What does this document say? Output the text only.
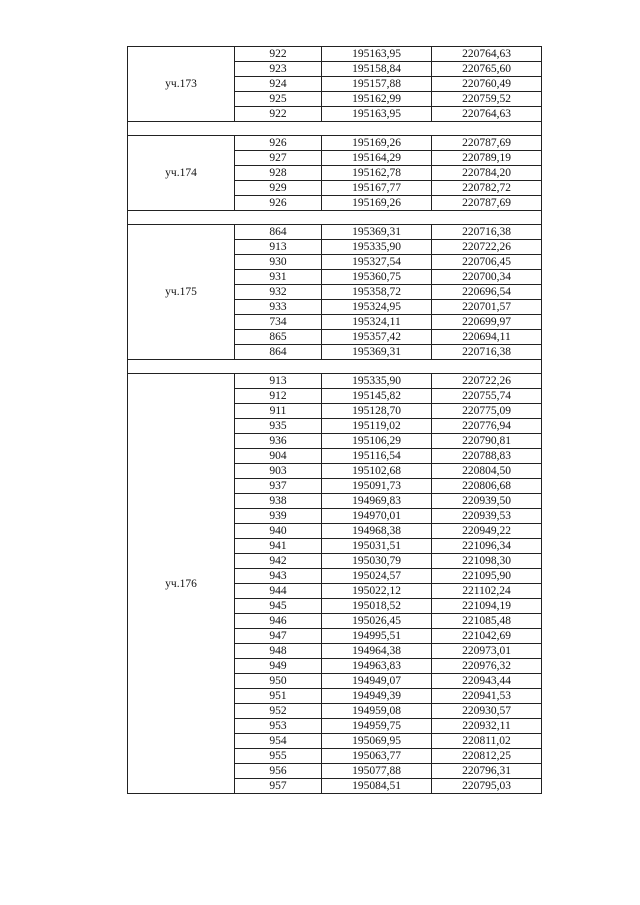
уч.173	922	195163,95	220764,63
	923	195158,84	220765,60
	924	195157,88	220760,49
	925	195162,99	220759,52
	922	195163,95	220764,63

уч.174	926	195169,26	220787,69
	927	195164,29	220789,19
	928	195162,78	220784,20
	929	195167,77	220782,72
	926	195169,26	220787,69

уч.175	864	195369,31	220716,38
	913	195335,90	220722,26
	930	195327,54	220706,45
	931	195360,75	220700,34
	932	195358,72	220696,54
	933	195324,95	220701,57
	734	195324,11	220699,97
	865	195357,42	220694,11
	864	195369,31	220716,38

уч.176	913	195335,90	220722,26
	912	195145,82	220755,74
	911	195128,70	220775,09
	935	195119,02	220776,94
	936	195106,29	220790,81
	904	195116,54	220788,83
	903	195102,68	220804,50
	937	195091,73	220806,68
	938	194969,83	220939,50
	939	194970,01	220939,53
	940	194968,38	220949,22
	941	195031,51	221096,34
	942	195030,79	221098,30
	943	195024,57	221095,90
	944	195022,12	221102,24
	945	195018,52	221094,19
	946	195026,45	221085,48
	947	194995,51	221042,69
	948	194964,38	220973,01
	949	194963,83	220976,32
	950	194949,07	220943,44
	951	194949,39	220941,53
	952	194959,08	220930,57
	953	194959,75	220932,11
	954	195069,95	220811,02
	955	195063,77	220812,25
	956	195077,88	220796,31
	957	195084,51	220795,03
